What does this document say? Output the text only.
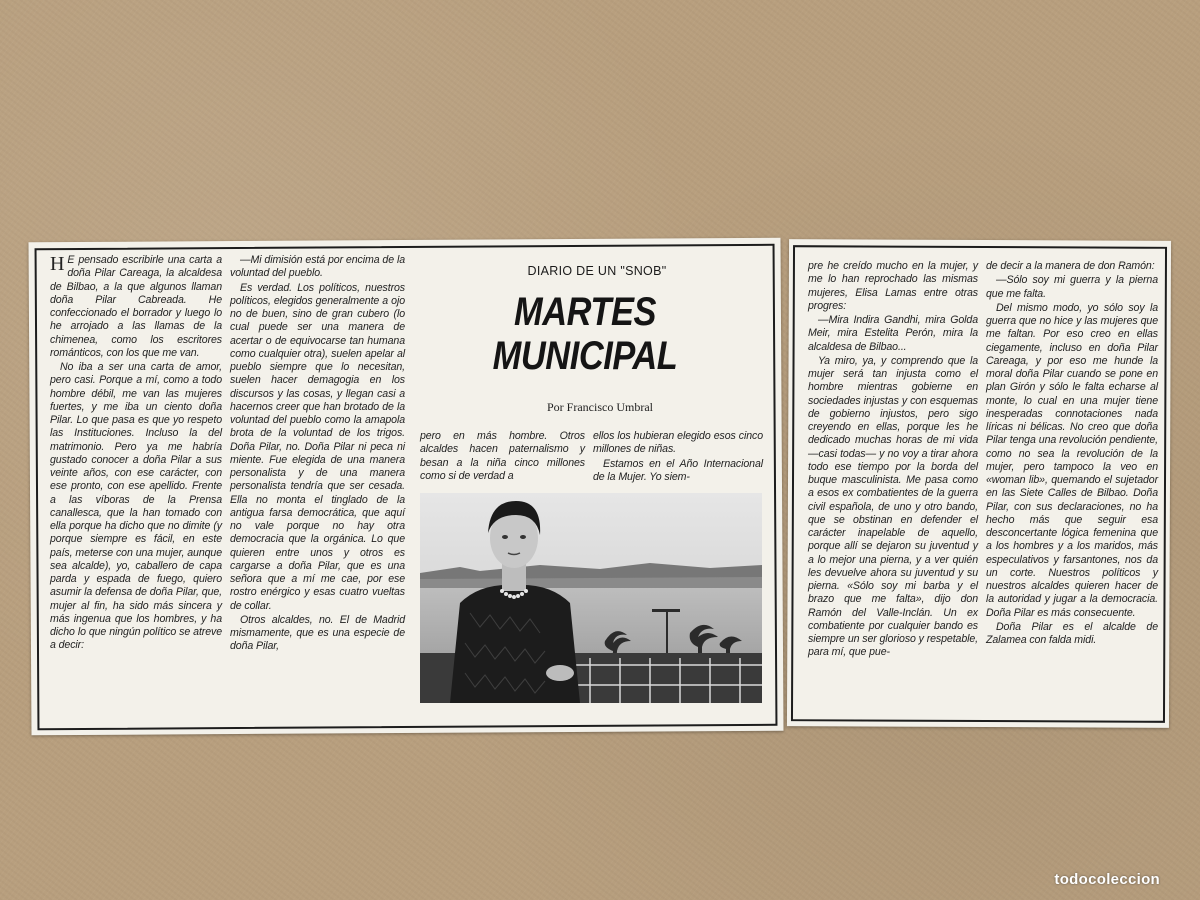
H E pensado escribirle una carta a doña Pilar Careaga, la alcaldesa de Bilbao, a la que algunos llaman doña Pilar Cabreada. He confeccionado el borrador y luego lo he arrojado a las llamas de la chimenea, como los escritores románticos, con los que me van.

No iba a ser una carta de amor, pero casi. Porque a mí, como a todo hombre débil, me van las mujeres fuertes, y me iba un ciento doña Pilar. Lo que pasa es que yo respeto las Instituciones. Incluso la del matrimonio. Pero ya me habría gustado conocer a doña Pilar a sus veinte años, con ese carácter, con ese pronto, con ese apellido. Frente a las víboras de la Prensa canallesca, que la han tomado con ella porque ha dicho que no dimite (y porque siempre es fácil, en este país, meterse con una mujer, aunque sea alcalde), yo, caballero de capa parda y espada de fuego, quiero asumir la defensa de doña Pilar, que, mujer al fin, ha sido más sincera y más ingenua que los hombres, y ha dicho lo que ningún político se atreve a decir:

—Mi dimisión está por encima de la voluntad del pueblo.

Es verdad. Los políticos, nuestros políticos, elegidos generalmente a ojo no de buen, sino de gran cubero (lo cual puede ser una manera de acertar o de equivocarse tan humana como cualquier otra), suelen apelar al pueblo siempre que lo necesitan, suelen hacer demagogia en los discursos y las cosas, y llegan casi a hacernos creer que han brotado de la voluntad del pueblo como la amapola brota de la voluntad de los trigos. Doña Pilar, no. Doña Pilar ni peca ni miente. Fue elegida de una manera personalista y de una manera personalista tendría que ser cesada. Ella no monta el tinglado de la antigua farsa democrática, que aquí no vale porque no hay otra democracia que la orgánica. Lo que quieren entre unos y otros es cargarse a doña Pilar, que es una señora que a mí me cae, por ese rostro enérgico y esas cuatro vueltas de collar.

Otros alcaldes, no. El de Madrid mismamente, que es una especie de doña Pilar,

DIARIO DE UN "SNOB"
MARTES
MUNICIPAL
Por Francisco Umbral

pero en más hombre. Otros alcaldes hacen paternalismo y besan a la niña cinco millones como si de verdad a

ellos los hubieran elegido esos cinco millones de niñas.

Estamos en el Año Internacional de la Mujer. Yo siem-

pre he creído mucho en la mujer, y me lo han reprochado las mismas mujeres, Elisa Lamas entre otras progres:

—Mira Indira Gandhi, mira Golda Meir, mira Estelita Perón, mira la alcaldesa de Bilbao...

Ya miro, ya, y comprendo que la mujer será tan injusta como el hombre mientras gobierne en sociedades injustas y con esquemas de gobierno injustos, pero sigo creyendo en ellas, porque les he dedicado muchas horas de mi vida —casi todas— y no voy a tirar ahora todo ese tiempo por la borda del buque masculinista. Me pasa como a esos ex combatientes de la guerra civil española, de uno y otro bando, que se obstinan en defender el carácter inapelable de aquello, porque allí se dejaron su juventud y a lo mejor una pierna, y a ver quién les devuelve ahora su juventud y su pierna. «Sólo soy mi barba y el brazo que me falta», dijo don Ramón del Valle-Inclán. Un ex combatiente por cualquier bando es siempre un ser glorioso y respetable, para mí, que pue-

de decir a la manera de don Ramón:

—Sólo soy mi guerra y la pierna que me falta.

Del mismo modo, yo sólo soy la guerra que no hice y las mujeres que me faltan. Por eso creo en ellas ciegamente, incluso en doña Pilar Careaga, y por eso me hunde la moral doña Pilar cuando se pone en plan Girón y sólo le falta echarse al monte, lo cual en una mujer tiene inesperadas connotaciones nada líricas ni bélicas. No creo que doña Pilar tenga una revolución pendiente, como no sea la revolución de la mujer, pero tampoco la veo en «woman lib», quemando el sujetador en las Siete Calles de Bilbao. Doña Pilar, con sus declaraciones, no ha hecho más que seguir esa desconcertante lógica femenina que a los hombres y a los maridos, más especulativos y farsantones, nos da un corte. Nuestros políticos y nuestros alcaldes quieren hacer de la autoridad y jugar a la democracia. Doña Pilar es más consecuente.

Doña Pilar es el alcalde de Zalamea con falda midi.

todocoleccion
